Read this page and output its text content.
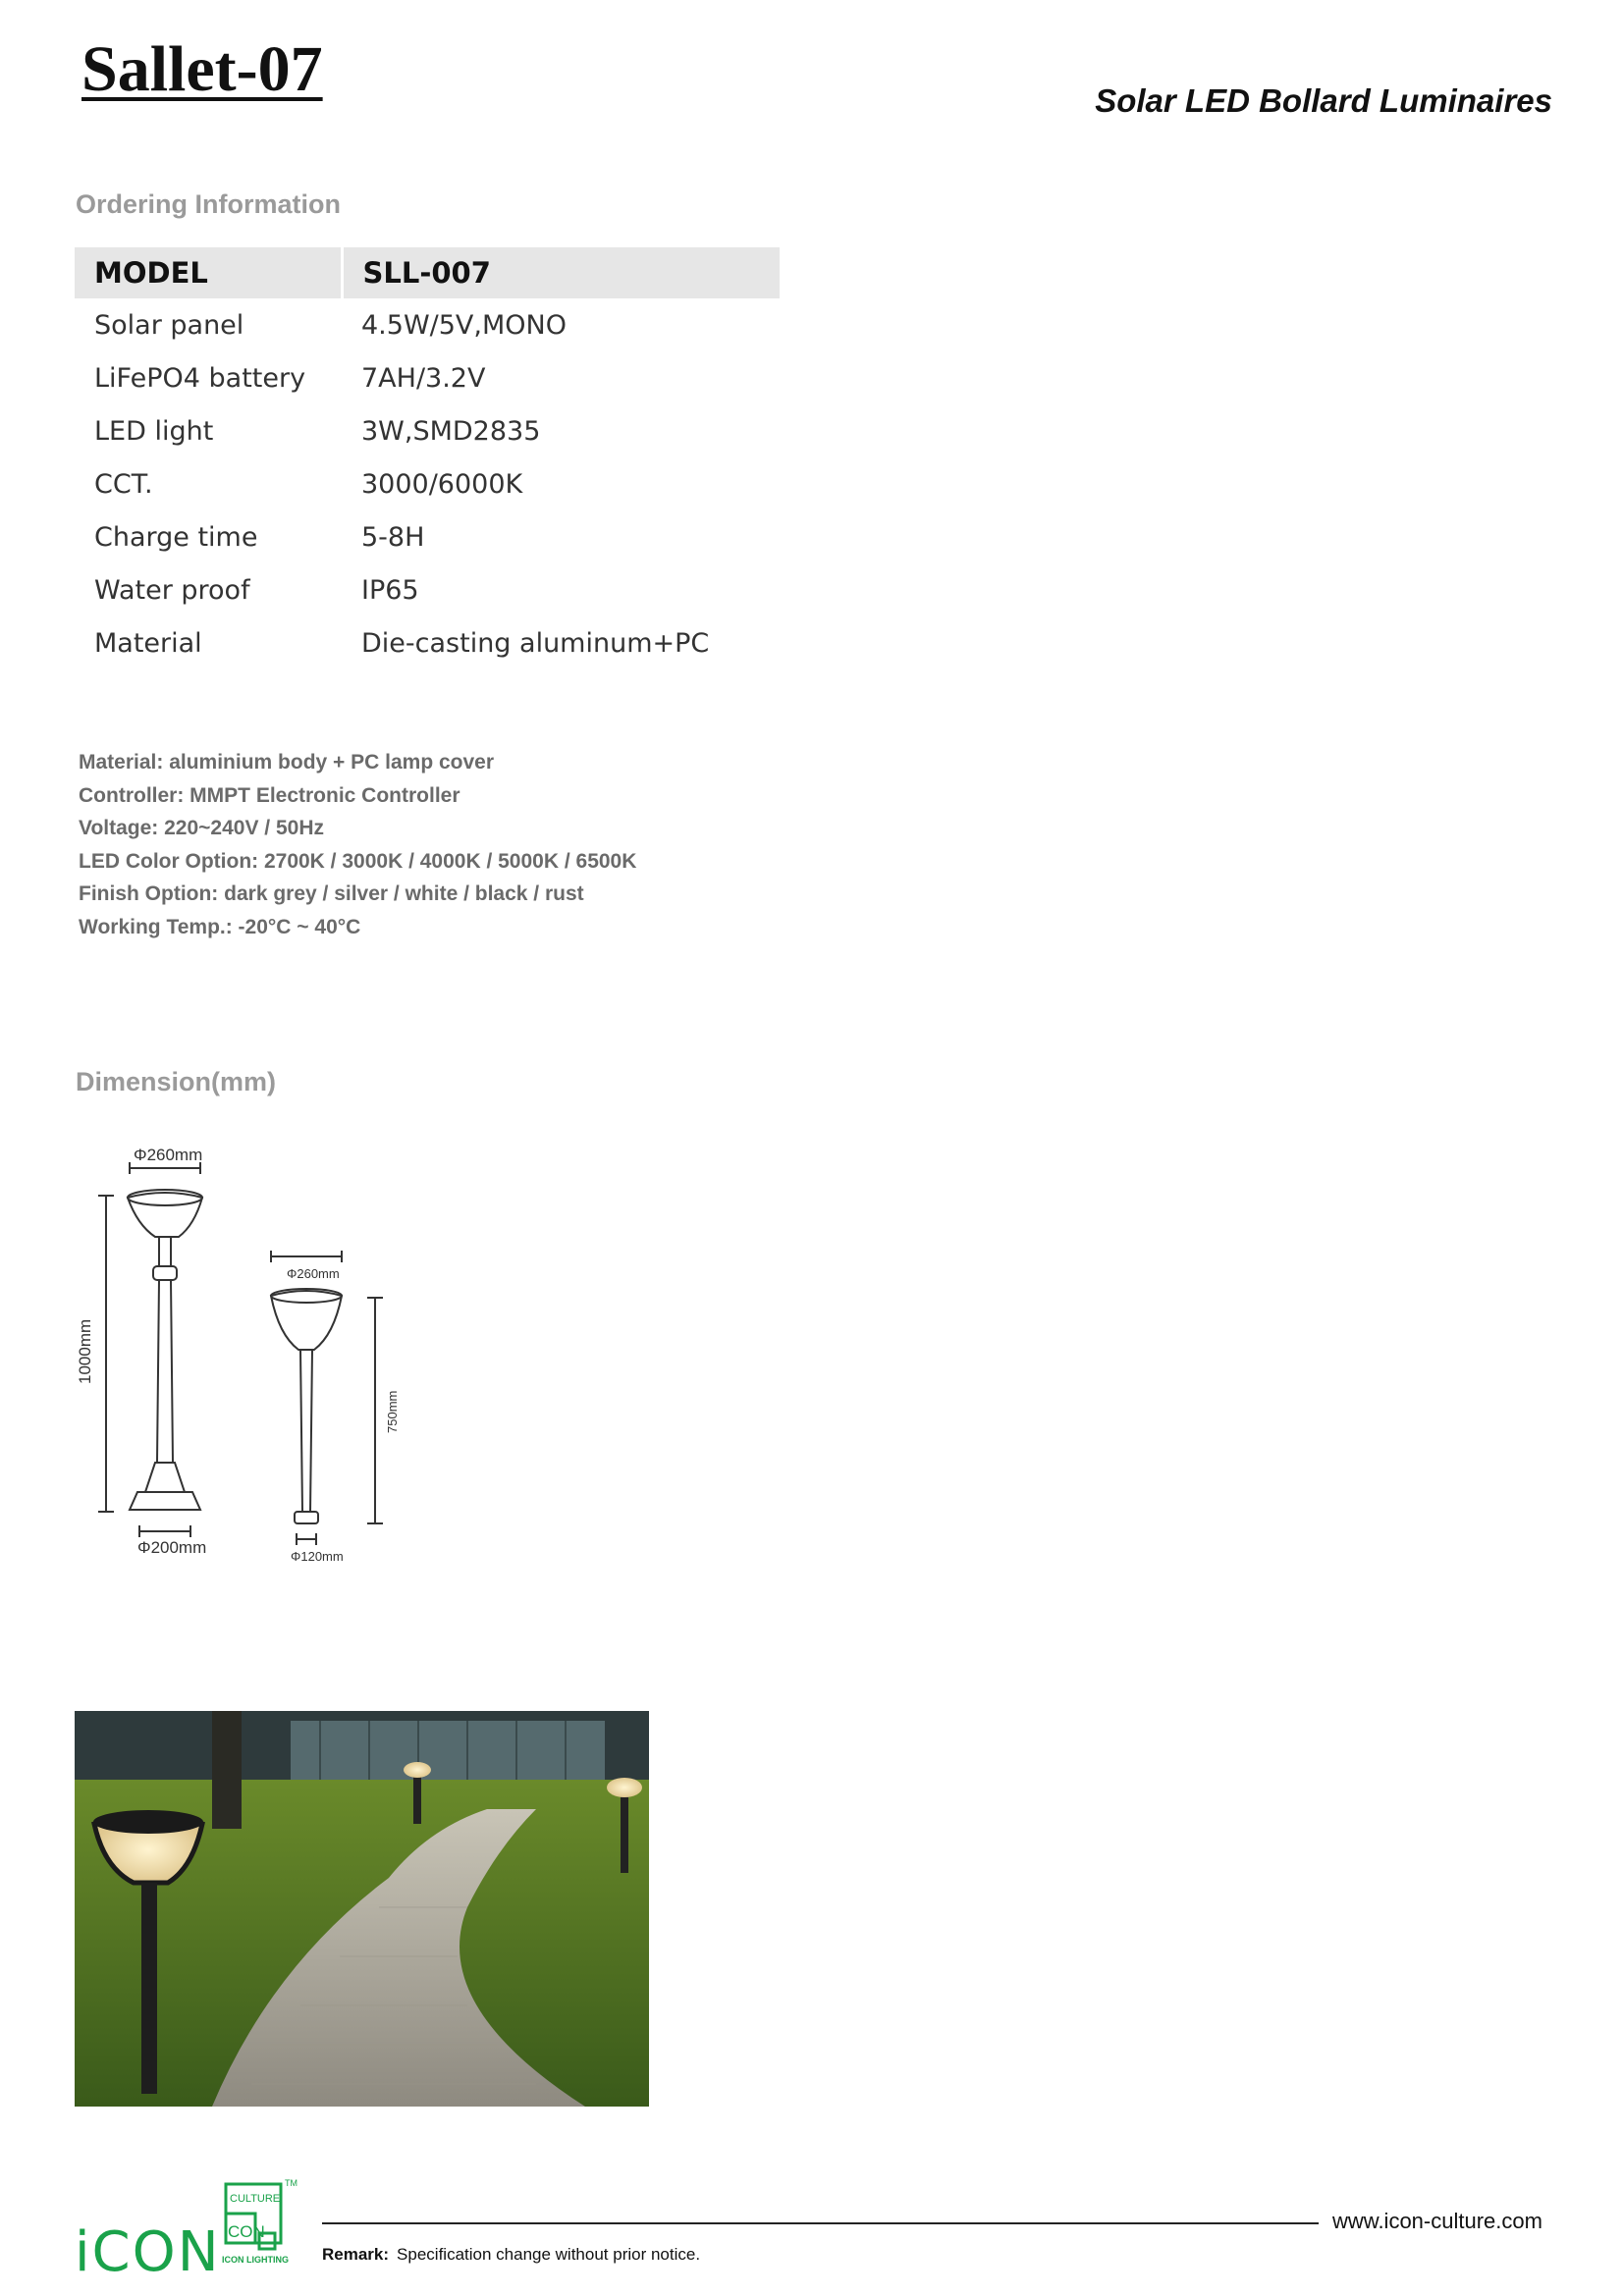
Sallet-07	Solar LED Bollard Luminaires
Ordering Information
MODEL	SLL-007
Solar panel	4.5W/5V,MONO
LiFePO4 battery	7AH/3.2V
LED light	3W,SMD2835
CCT.	3000/6000K
Charge time	5-8H
Water proof	IP65
Material	Die-casting aluminum+PC
Material: aluminium body + PC lamp cover
Controller: MMPT Electronic Controller
Voltage: 220~240V / 50Hz
LED Color Option: 2700K / 3000K / 4000K / 5000K / 6500K
Finish Option: dark grey / silver / white / black / rust
Working Temp.: -20°C ~ 40°C
Dimension(mm)
Φ260mm
1000mm
Φ200mm
Φ260mm
750mm
Φ120mm
CULTURE
CON
ICON LIGHTING
TM
iCON	www.icon-culture.com
Remark: Specification change without prior notice.
